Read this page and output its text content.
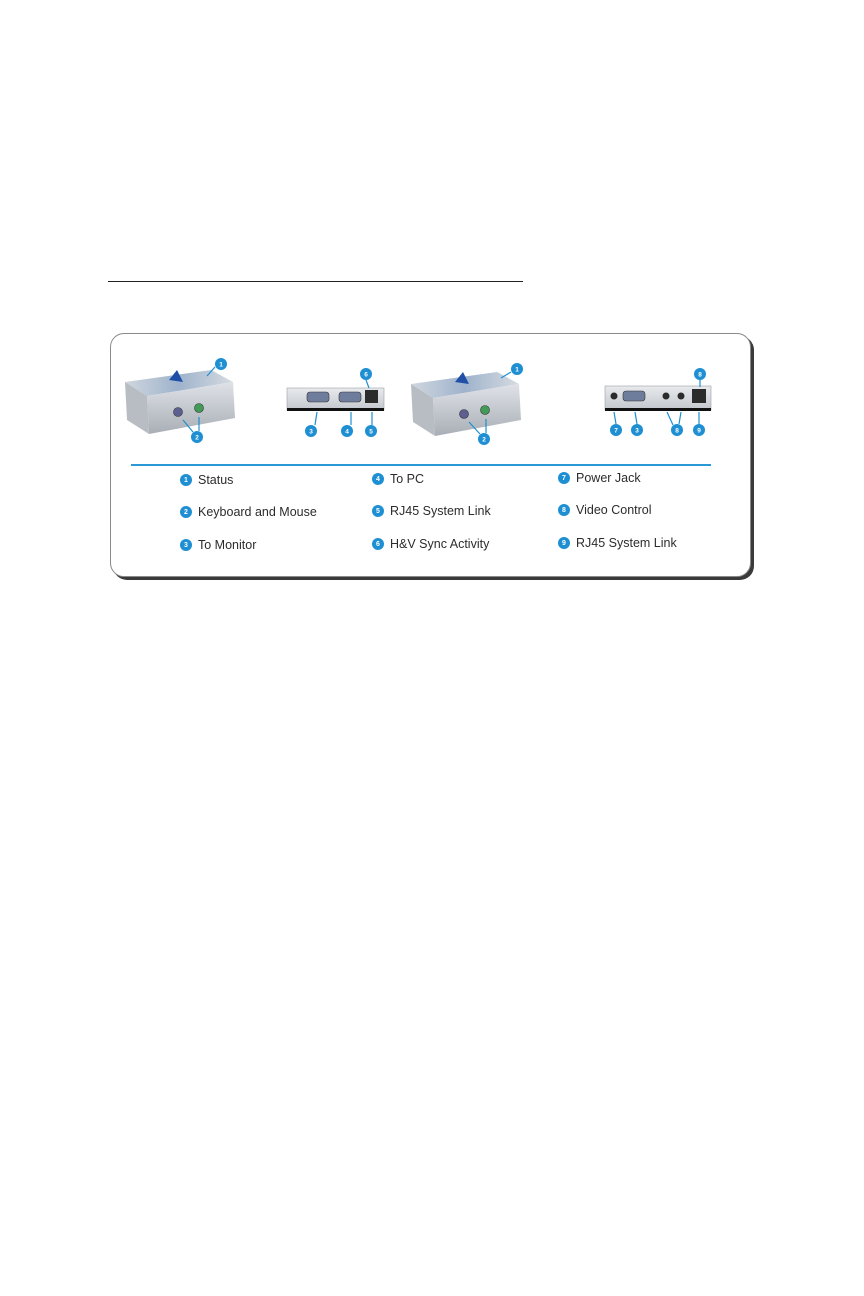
1
2
6
3	4	5
1
2
8
7	3	8	9
1 Status
2 Keyboard and Mouse
3 To Monitor
4 To PC
5 RJ45 System Link
6 H&V Sync Activity
7 Power Jack
8 Video Control
9 RJ45 System Link
